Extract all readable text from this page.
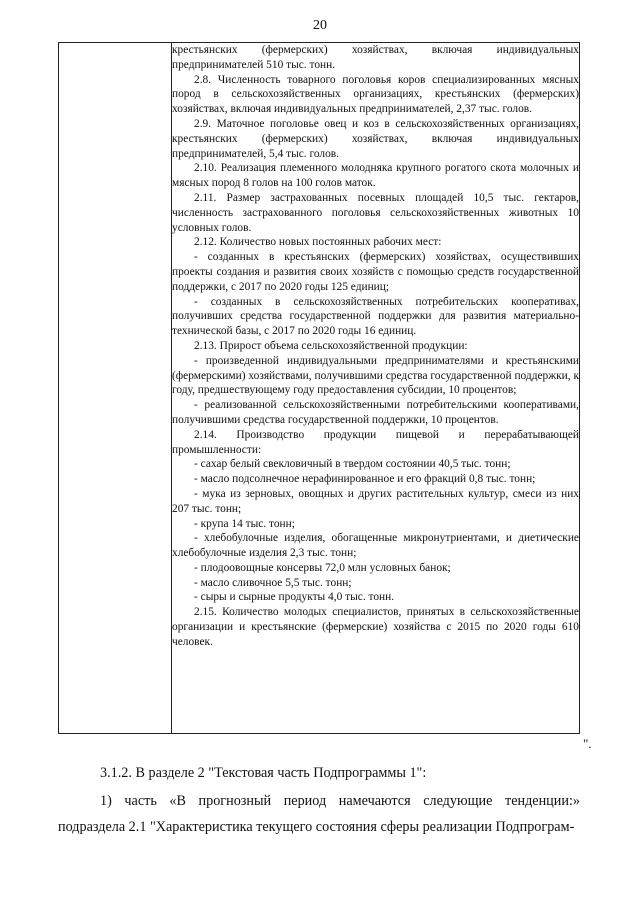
20

крестьянских (фермерских) хозяйствах, включая индивидуальных предпринимателей 510 тыс. тонн.

2.8. Численность товарного поголовья коров специализированных мясных пород в сельскохозяйственных организациях, крестьянских (фермерских) хозяйствах, включая индивидуальных предпринимателей, 2,37 тыс. голов.

2.9. Маточное поголовье овец и коз в сельскохозяйственных организациях, крестьянских (фермерских) хозяйствах, включая индивидуальных предпринимателей, 5,4 тыс. голов.

2.10. Реализация племенного молодняка крупного рогатого скота молочных и мясных пород 8 голов на 100 голов маток.

2.11. Размер застрахованных посевных площадей 10,5 тыс. гектаров, численность застрахованного поголовья сельскохозяйственных животных 10 условных голов.

2.12. Количество новых постоянных рабочих мест:

- созданных в крестьянских (фермерских) хозяйствах, осуществивших проекты создания и развития своих хозяйств с помощью средств государственной поддержки, с 2017 по 2020 годы 125 единиц;

- созданных в сельскохозяйственных потребительских кооперативах, получивших средства государственной поддержки для развития материально-технической базы, с 2017 по 2020 годы 16 единиц.

2.13. Прирост объема сельскохозяйственной продукции:

- произведенной индивидуальными предпринимателями и крестьянскими (фермерскими) хозяйствами, получившими средства государственной поддержки, к году, предшествующему году предоставления субсидии, 10 процентов;

- реализованной сельскохозяйственными потребительскими кооперативами, получившими средства государственной поддержки, 10 процентов.

2.14. Производство продукции пищевой и перерабатывающей промышленности:

- сахар белый свекловичный в твердом состоянии 40,5 тыс. тонн;

- масло подсолнечное нерафинированное и его фракций 0,8 тыс. тонн;

- мука из зерновых, овощных и других растительных культур, смеси из них 207 тыс. тонн;

- крупа 14 тыс. тонн;

- хлебобулочные изделия, обогащенные микронутриентами, и диетические хлебобулочные изделия 2,3 тыс. тонн;

- плодоовощные консервы 72,0 млн условных банок;

- масло сливочное 5,5 тыс. тонн;

- сыры и сырные продукты 4,0 тыс. тонн.

2.15. Количество молодых специалистов, принятых в сельскохозяйственные организации и крестьянские (фермерские) хозяйства с 2015 по 2020 годы 610 человек.

".

3.1.2. В разделе 2 "Текстовая часть Подпрограммы 1":

1) часть «В прогнозный период намечаются следующие тенденции:» подраздела 2.1 "Характеристика текущего состояния сферы реализации Подпрограм-
